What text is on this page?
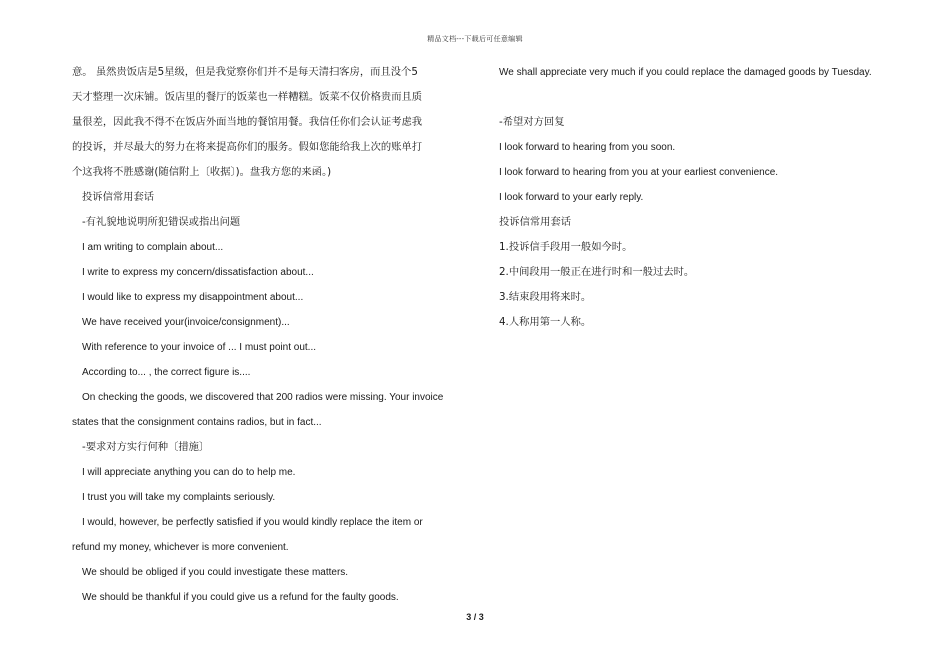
精品文档---下载后可任意编辑
意。 虽然贵饭店是5星级，但是我觉察你们并不是每天清扫客房，而且没个5
天才整理一次床铺。饭店里的餐厅的饭菜也一样糟糕。饭菜不仅价格贵而且质
量很差，因此我不得不在饭店外面当地的餐馆用餐。我信任你们会认证考虑我
的投诉，并尽最大的努力在将来提高你们的服务。假如您能给我上次的账单打
个这我将不胜感谢(随信附上〔收据〕)。盘我方您的来函。)
投诉信常用套话
-有礼貌地说明所犯错误或指出问题
I am writing to complain about...
I write to express my concern/dissatisfaction about...
I would like to express my disappointment about...
We have received your(invoice/consignment)...
With reference to your invoice of ... I must point out...
According to... , the correct figure is....
On checking the goods, we discovered that 200 radios were missing. Your invoice
states that the consignment contains radios, but in fact...
-要求对方实行何种〔措施〕
I will appreciate anything you can do to help me.
I trust you will take my complaints seriously.
I would, however, be perfectly satisfied if you would kindly replace the item or
refund my money, whichever is more convenient.
We should be obliged if you could investigate these matters.
We should be thankful if you could give us a refund for the faulty goods.
We shall appreciate very much if you could replace the damaged goods by Tuesday.
-希望对方回复
I look forward to hearing from you soon.
I look forward to hearing from you at your earliest convenience.
I look forward to your early reply.
投诉信常用套话
1.投诉信手段用一般如今时。
2.中间段用一般正在进行时和一般过去时。
3.结束段用将来时。
4.人称用第一人称。
3 / 3
